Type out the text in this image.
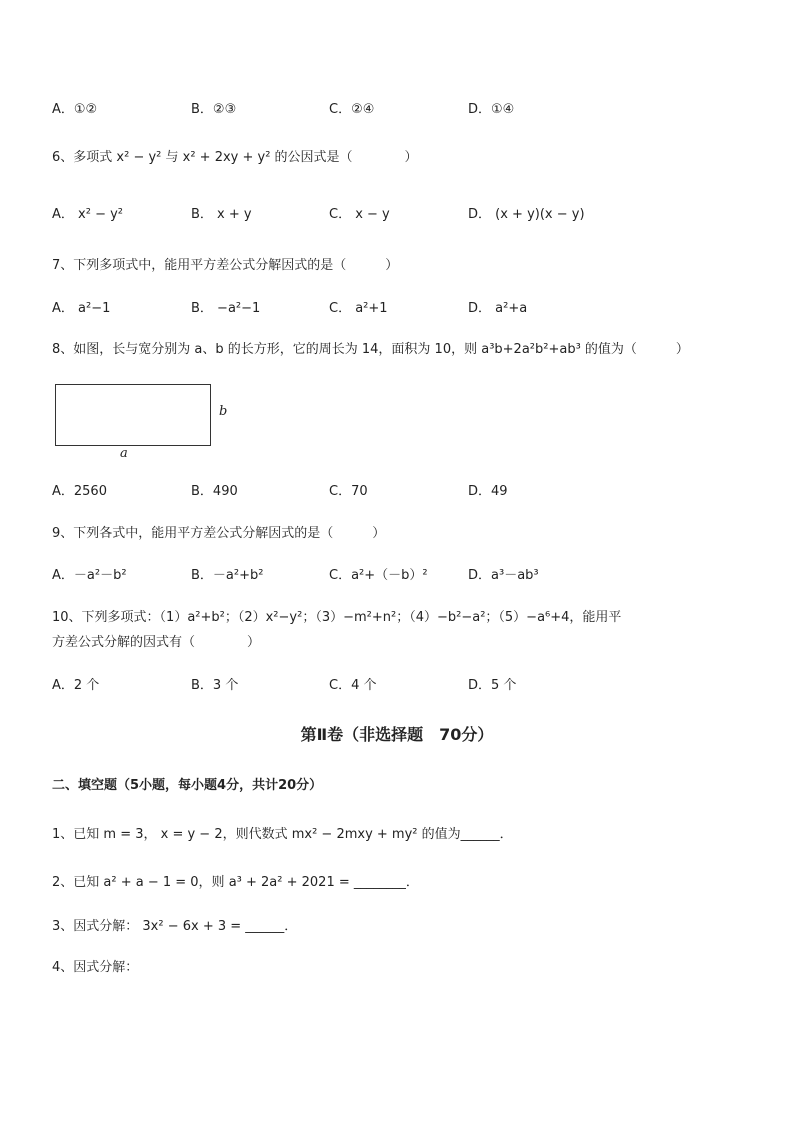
A．①②	B．②③	C．②④	D．①④
6、多项式 x² − y² 与 x² + 2xy + y² 的公因式是（　　　　）
A． x² − y²	B． x + y	C． x − y	D． (x + y)(x − y)
7、下列多项式中，能用平方差公式分解因式的是（　　　）
A． a²−1	B． −a²−1	C． a²+1	D． a²+a
8、如图，长与宽分别为 a、b 的长方形，它的周长为 14，面积为 10，则 a³b+2a²b²+ab³ 的值为（　　　）
b
a
A．2560	B．490	C．70	D．49
9、下列各式中，能用平方差公式分解因式的是（　　　）
A．－a²－b²	B．－a²+b²	C．a²+（－b）²	D．a³－ab³
10、下列多项式：（1）a²+b²；（2）x²−y²；（3）−m²+n²；（4）−b²−a²；（5）−a⁶+4，能用平
方差公式分解的因式有（　　　　）
A．2 个	B．3 个	C．4 个	D．5 个
第Ⅱ卷（非选择题　70分）
二、填空题（5小题，每小题4分，共计20分）
1、已知 m = 3， x = y − 2，则代数式 mx² − 2mxy + my² 的值为______．
2、已知 a² + a − 1 = 0，则 a³ + 2a² + 2021 = ________．
3、因式分解： 3x² − 6x + 3 = ______．
4、因式分解：
